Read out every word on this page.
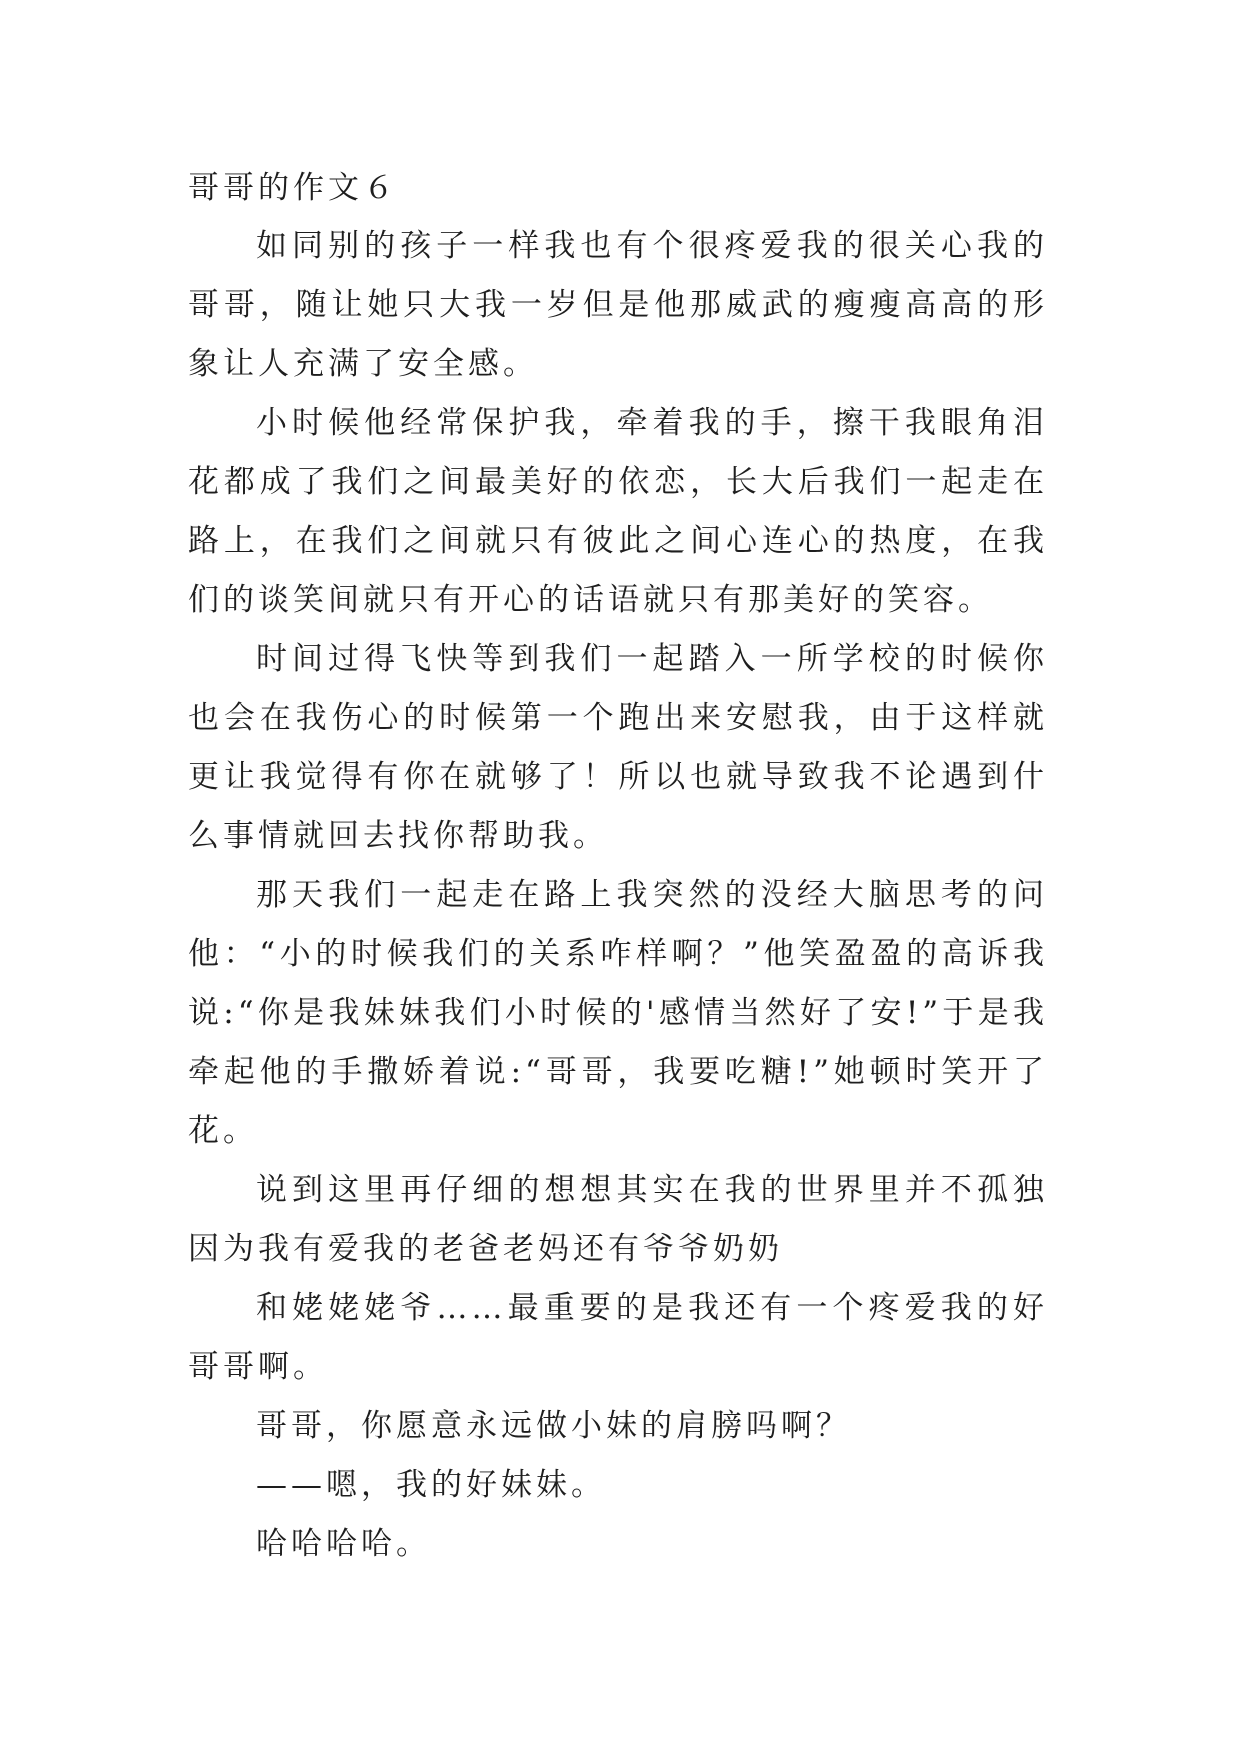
哥哥的作文６

如同别的孩子一样我也有个很疼爱我的很关心我的哥哥，随让她只大我一岁但是他那威武的瘦瘦高高的形象让人充满了安全感。

小时候他经常保护我，牵着我的手，擦干我眼角泪花都成了我们之间最美好的依恋，长大后我们一起走在路上，在我们之间就只有彼此之间心连心的热度，在我们的谈笑间就只有开心的话语就只有那美好的笑容。

时间过得飞快等到我们一起踏入一所学校的时候你也会在我伤心的时候第一个跑出来安慰我，由于这样就更让我觉得有你在就够了！所以也就导致我不论遇到什么事情就回去找你帮助我。

那天我们一起走在路上我突然的没经大脑思考的问他：“小的时候我们的关系咋样啊？”他笑盈盈的高诉我说:“你是我妹妹我们小时候的'感情当然好了安!”于是我牵起他的手撒娇着说:“哥哥，我要吃糖!”她顿时笑开了花。

说到这里再仔细的想想其实在我的世界里并不孤独因为我有爱我的老爸老妈还有爷爷奶奶

和姥姥姥爷……最重要的是我还有一个疼爱我的好哥哥啊。

哥哥，你愿意永远做小妹的肩膀吗啊？

——嗯，我的好妹妹。

哈哈哈哈。
